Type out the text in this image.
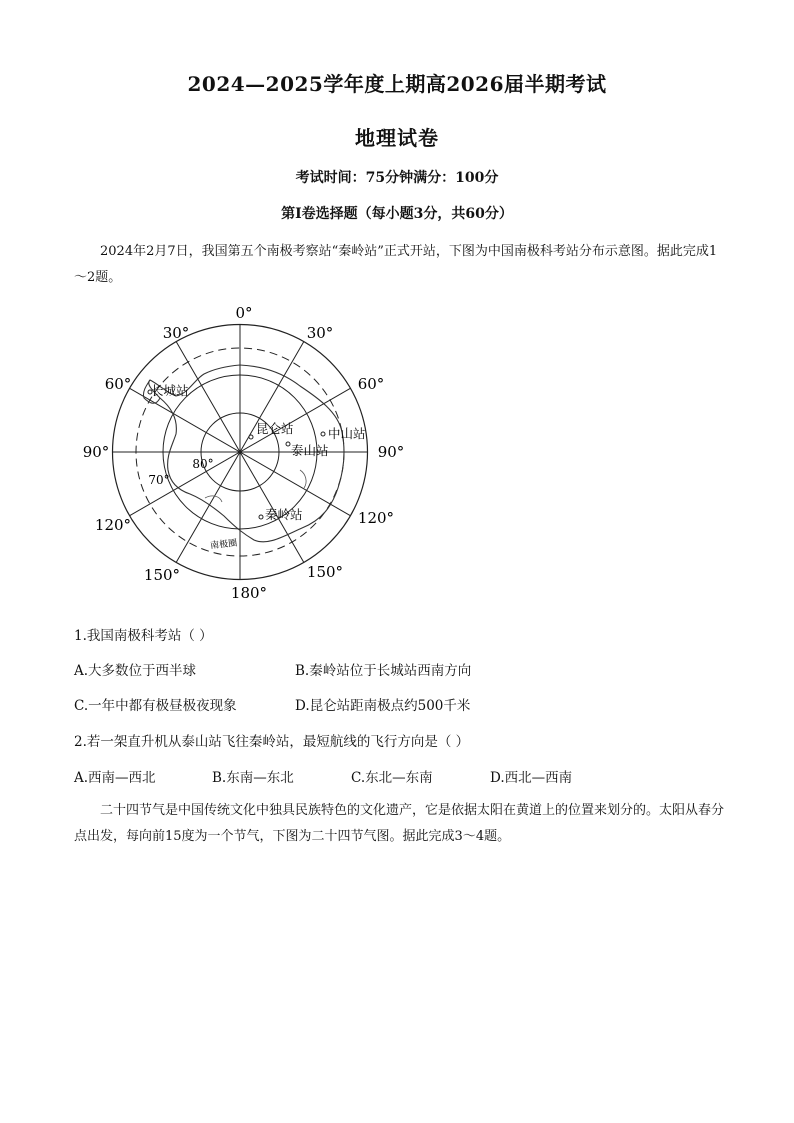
2024—2025学年度上期高2026届半期考试
地理试卷
考试时间：75分钟满分：100分
第I卷选择题（每小题3分，共60分）
2024年2月7日，我国第五个南极考察站“秦岭站”正式开站，下图为中国南极科考站分布示意图。据此完成1～2题。
0°
30°	30°
60°	60°
90°	90°
120°	120°
150°	150°
180°
80°
70°
南极圈
长城站
昆仑站	中山站
泰山站
秦岭站
1.我国南极科考站（ ）
A.大多数位于西半球	B.秦岭站位于长城站西南方向
C.一年中都有极昼极夜现象	D.昆仑站距南极点约500千米
2.若一架直升机从泰山站飞往秦岭站，最短航线的飞行方向是（ ）
A.西南—西北	B.东南—东北	C.东北—东南	D.西北—西南
二十四节气是中国传统文化中独具民族特色的文化遗产，它是依据太阳在黄道上的位置来划分的。太阳从春分点出发，每向前15度为一个节气，下图为二十四节气图。据此完成3～4题。
